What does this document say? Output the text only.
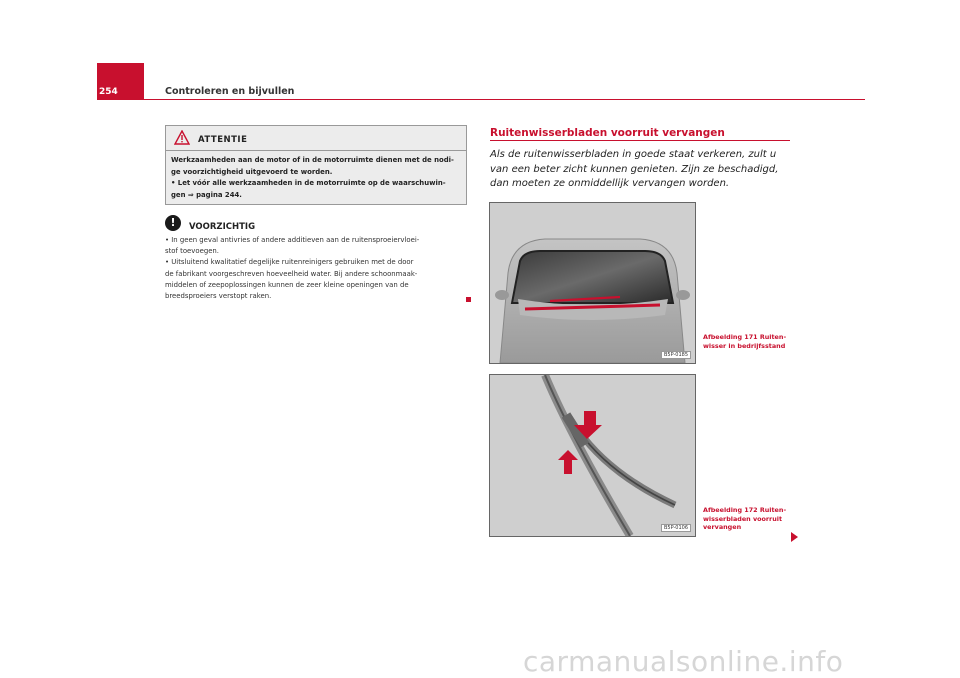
254	Controleren en bijvullen
ATTENTIE

Werkzaamheden aan de motor of in de motorruimte dienen met de nodi-

ge voorzichtigheid uitgevoerd te worden.

• Let vóór alle werkzaamheden in de motorruimte op de waarschuwin-

gen ⇒ pagina 244.

!	VOORZICHTIG

• In geen geval antivries of andere additieven aan de ruitensproeiervloei-

stof toevoegen.

• Uitsluitend kwalitatief degelijke ruitenreinigers gebruiken met de door

de fabrikant voorgeschreven hoeveelheid water. Bij andere schoonmaak-

middelen of zeepoplossingen kunnen de zeer kleine openingen van de

breedsproeiers verstopt raken.

Ruitenwisserbladen voorruit vervangen
Als de ruitenwisserbladen in goede staat verkeren, zult u
van een beter zicht kunnen genieten. Zijn ze beschadigd,
dan moeten ze onmiddellijk vervangen worden.
B5P-0185
Afbeelding 171 Ruiten-
wisser in bedrijfsstand
B5P-0106
Afbeelding 172 Ruiten-
wisserbladen voorruit
vervangen
carmanualsonline.info
